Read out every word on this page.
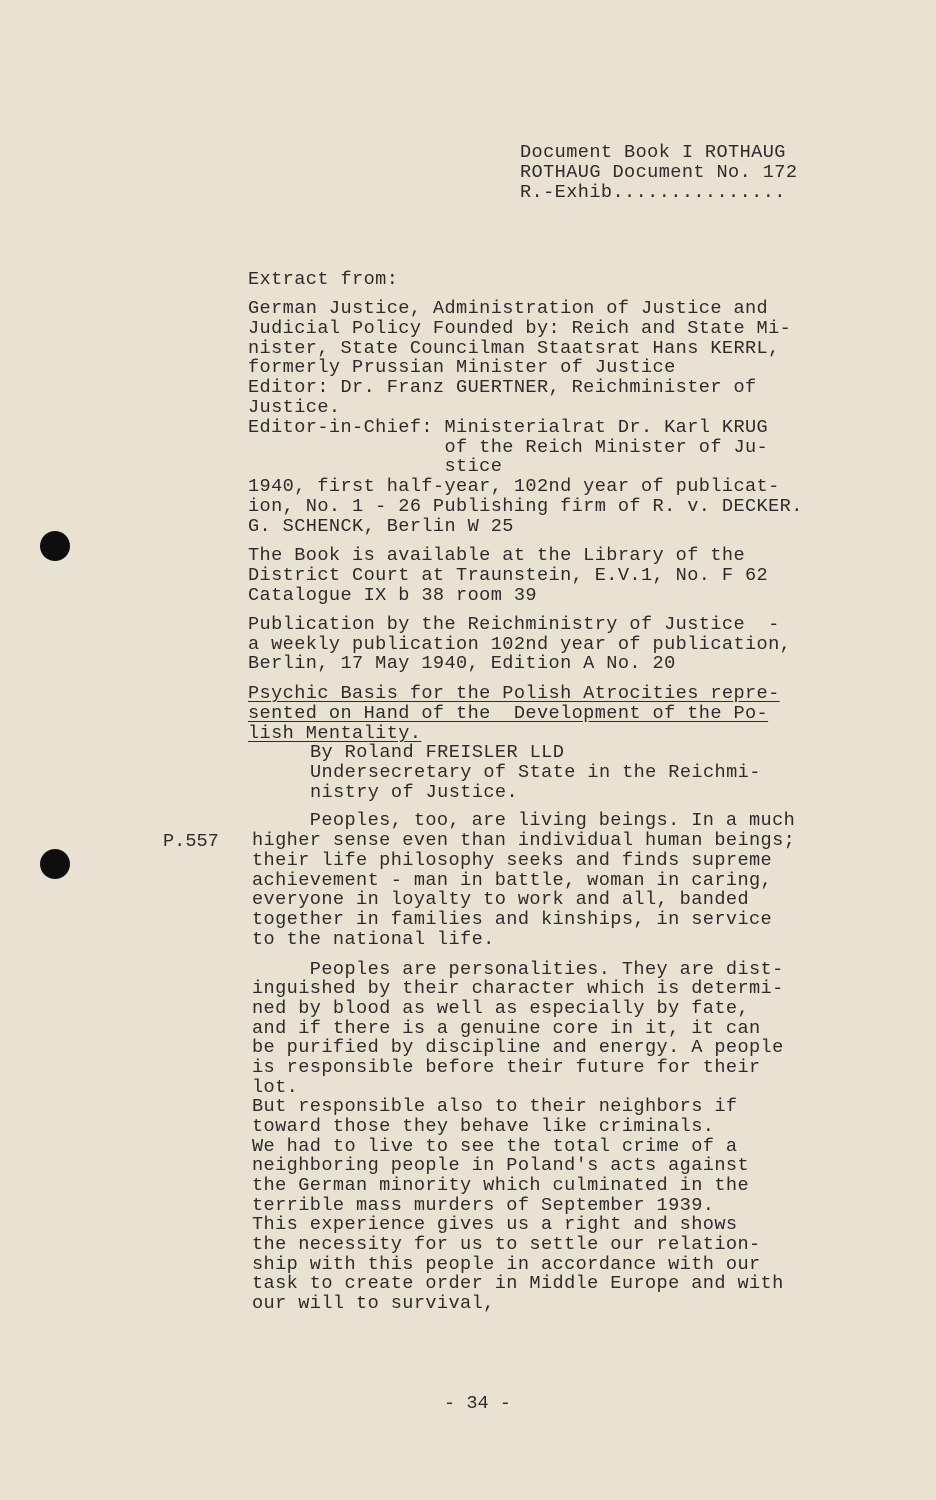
Document Book I ROTHAUG
ROTHAUG Document No. 172
R.-Exhib...............
Extract from:
German Justice, Administration of Justice and
Judicial Policy Founded by: Reich and State Mi-
nister, State Councilman Staatsrat Hans KERRL,
formerly Prussian Minister of Justice
Editor: Dr. Franz GUERTNER, Reichminister of
Justice.
Editor-in-Chief: Ministerialrat Dr. Karl KRUG
of the Reich Minister of Ju-
stice
1940, first half-year, 102nd year of publicat-
ion, No. 1 - 26 Publishing firm of R. v. DECKER.
G. SCHENCK, Berlin W 25
The Book is available at the Library of the
District Court at Traunstein, E.V.1, No. F 62
Catalogue IX b 38 room 39
Publication by the Reichministry of Justice  -
a weekly publication 102nd year of publication,
Berlin, 17 May 1940, Edition A No. 20
Psychic Basis for the Polish Atrocities repre-
sented on Hand of the  Development of the Po-
lish Mentality.
By Roland FREISLER LLD
Undersecretary of State in the Reichmi-
nistry of Justice.
P.557
Peoples, too, are living beings. In a much
higher sense even than individual human beings;
their life philosophy seeks and finds supreme
achievement - man in battle, woman in caring,
everyone in loyalty to work and all, banded
together in families and kinships, in service
to the national life.
Peoples are personalities. They are dist-
inguished by their character which is determi-
ned by blood as well as especially by fate,
and if there is a genuine core in it, it can
be purified by discipline and energy. A people
is responsible before their future for their
lot.
But responsible also to their neighbors if
toward those they behave like criminals.
We had to live to see the total crime of a
neighboring people in Poland's acts against
the German minority which culminated in the
terrible mass murders of September 1939.
This experience gives us a right and shows
the necessity for us to settle our relation-
ship with this people in accordance with our
task to create order in Middle Europe and with
our will to survival,
- 34 -
